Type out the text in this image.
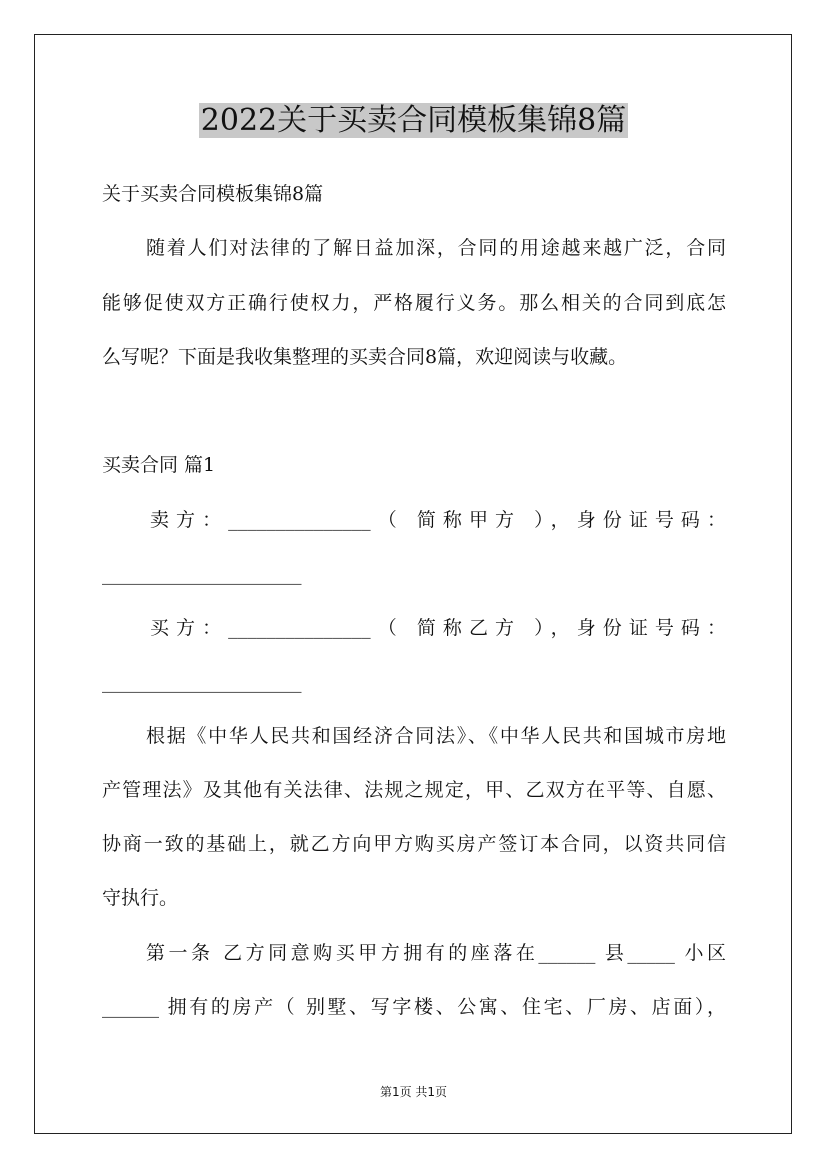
2022关于买卖合同模板集锦8篇

关于买卖合同模板集锦8篇

随着人们对法律的了解日益加深，合同的用途越来越广泛，合同

能够促使双方正确行使权力，严格履行义务。那么相关的合同到底怎

么写呢？下面是我收集整理的买卖合同8篇，欢迎阅读与收藏。

买卖合同 篇1

卖方：_______________（ 简称甲方 ），身份证号码：

_____________________

买方：_______________（ 简称乙方 ），身份证号码：

_____________________

根据《中华人民共和国经济合同法》、《中华人民共和国城市房地

产管理法》及其他有关法律、法规之规定，甲、乙双方在平等、自愿、

协商一致的基础上，就乙方向甲方购买房产签订本合同，以资共同信

守执行。

第一条 乙方同意购买甲方拥有的座落在______ 县_____ 小区

______ 拥有的房产（ 别墅、写字楼、公寓、住宅、厂房、店面），

第1页 共1页
